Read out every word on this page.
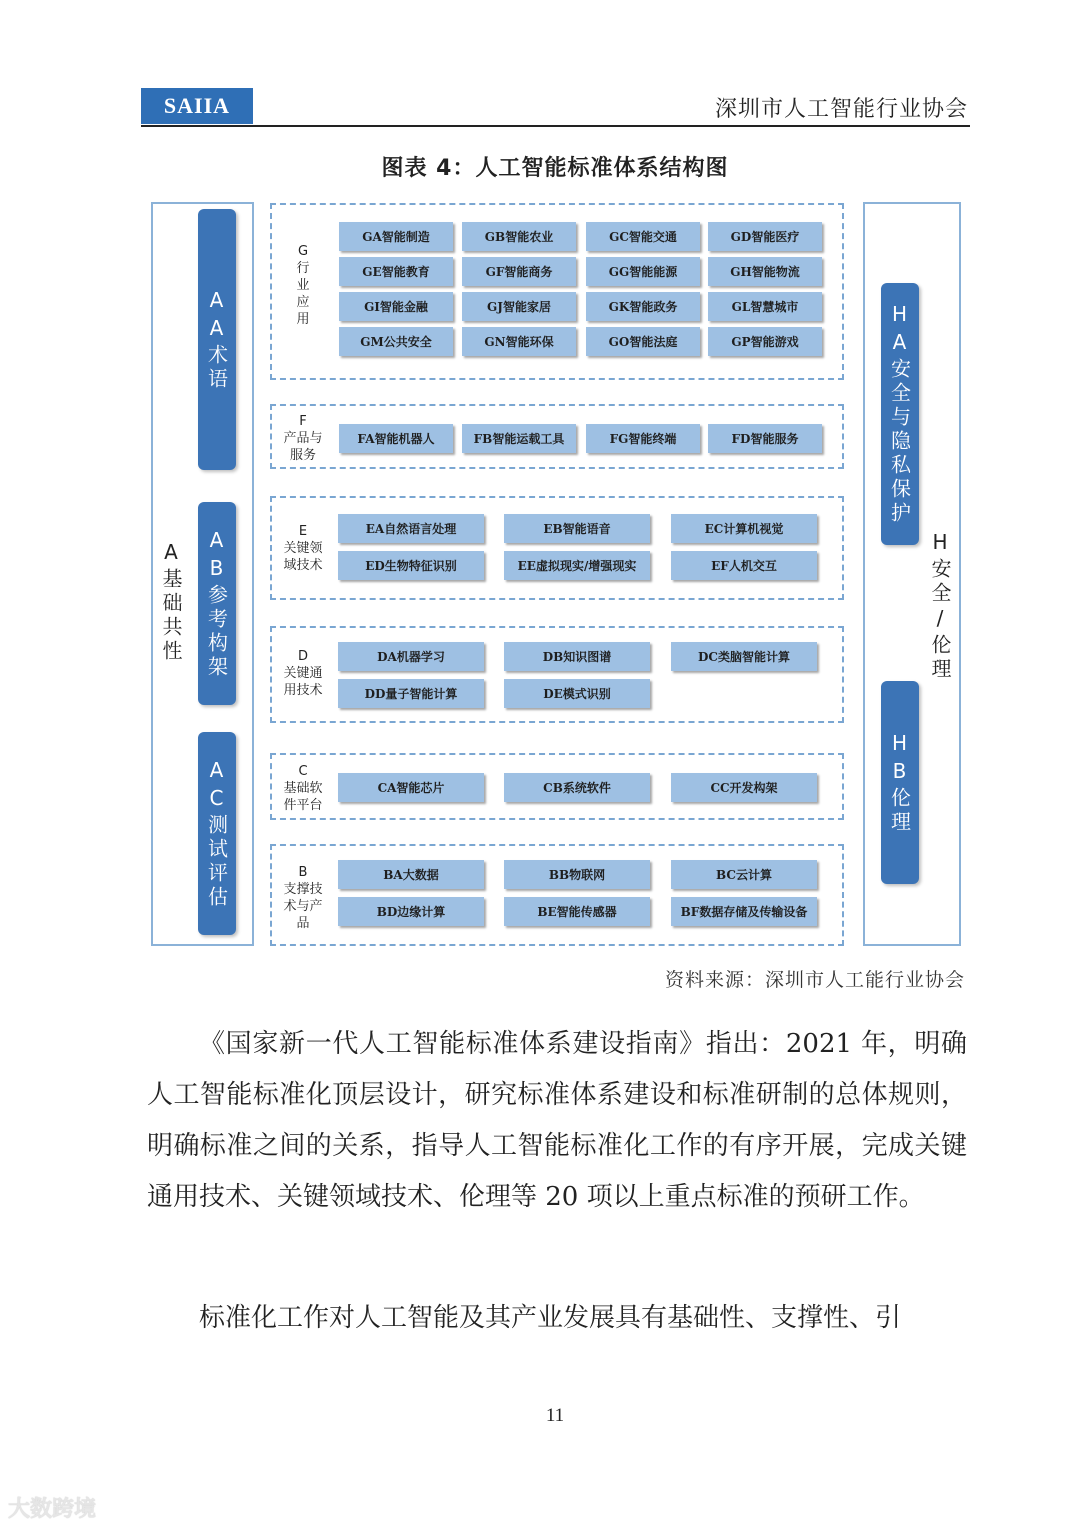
SAIIA	深圳市人工智能行业协会
图表 4：人工智能标准体系结构图
A基础共性
AA术语
AB参考构架
AC测试评估
H安全/伦理
HA安全与隐私保护
HB伦理
G
行
业
应
用
GA智能制造	GB智能农业	GC智能交通	GD智能医疗
GE智能教育	GF智能商务	GG智能能源	GH智能物流
GI智能金融	GJ智能家居	GK智能政务	GL智慧城市
GM公共安全	GN智能环保	GO智能法庭	GP智能游戏
F
产品与
服务
FA智能机器人	FB智能运载工具	FG智能终端	FD智能服务
E
关键领
域技术
EA自然语言处理	EB智能语音	EC计算机视觉
ED生物特征识别	EE虚拟现实/增强现实	EF人机交互
D
关键通
用技术
DA机器学习	DB知识图谱	DC类脑智能计算
DD量子智能计算	DE模式识别
C
基础软
件平台
CA智能芯片	CB系统软件	CC开发构架
B
支撑技
术与产
品
BA大数据	BB物联网	BC云计算
BD边缘计算	BE智能传感器	BF数据存储及传输设备
资料来源：深圳市人工能行业协会
《国家新一代人工智能标准体系建设指南》指出：2021 年，明确人工智能标准化顶层设计，研究标准体系建设和标准研制的总体规则，明确标准之间的关系，指导人工智能标准化工作的有序开展，完成关键通用技术、关键领域技术、伦理等 20 项以上重点标准的预研工作。
标准化工作对人工智能及其产业发展具有基础性、支撑性、引
11
大数跨境
